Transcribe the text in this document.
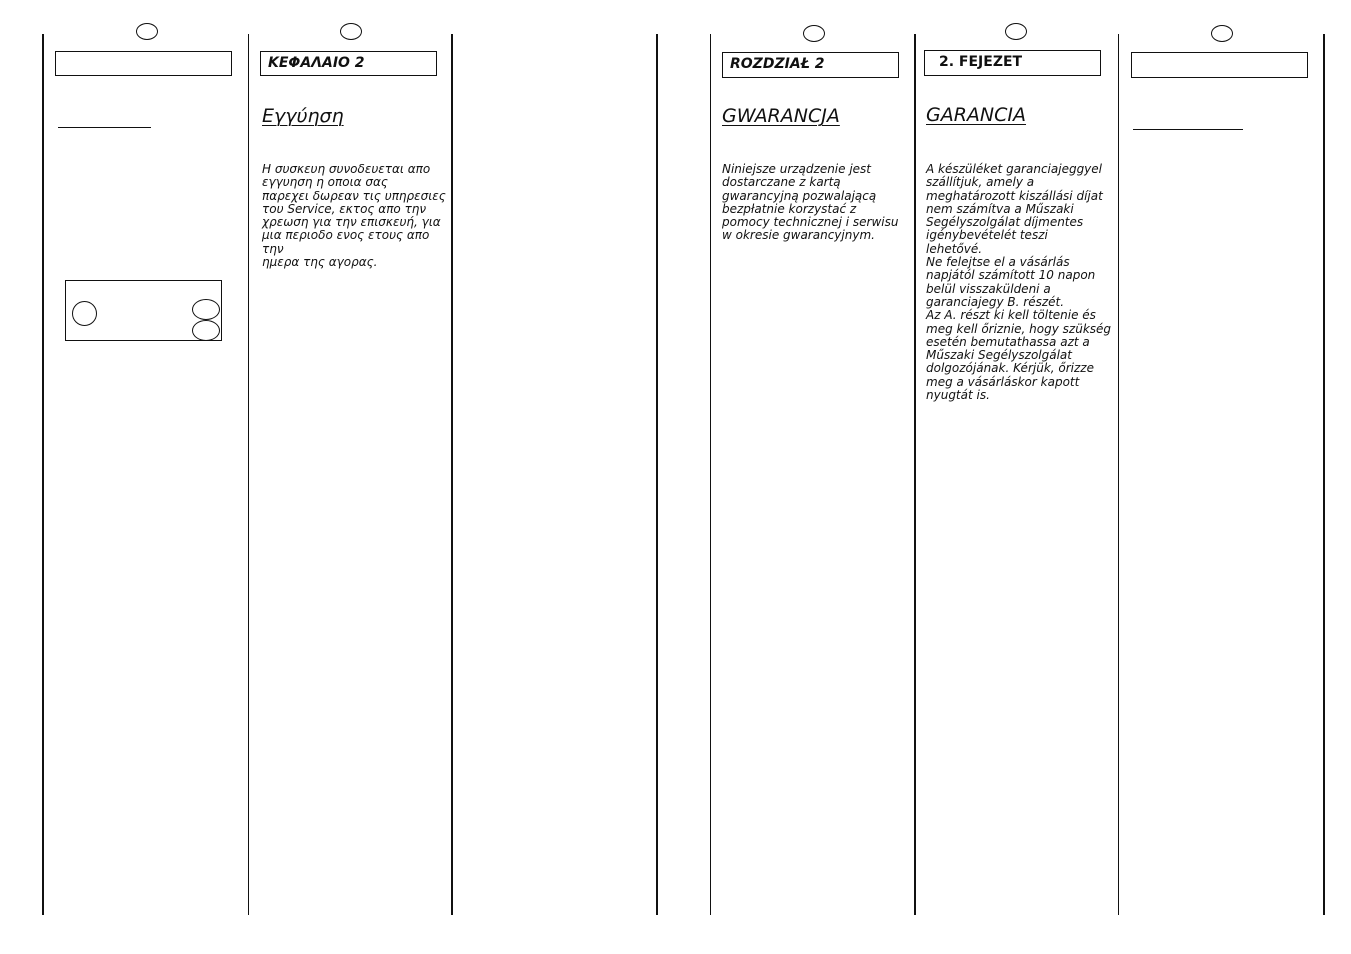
ΚΕΦΑΛΑΙΟ 2
Εγγύηση

Η συσκευη συνοδευεται απο
εγγυηση η οποια σας
παρεχει δωρεαν τις υπηρεσιες
του Service, εκτος απο την
χρεωση για την επισκευή, για
μια περιοδο ενος ετους απο την
ημερα της αγορας.

ROZDZIAŁ 2
GWARANCJA

Niniejsze urządzenie jest
dostarczane z kartą
gwarancyjną pozwalającą
bezpłatnie korzystać z
pomocy technicznej i serwisu
w okresie gwarancyjnym.

2. FEJEZET
GARANCIA

A készüléket garanciajeggyel
szállítjuk, amely a
meghatározott kiszállási díjat
nem számítva a Műszaki
Segélyszolgálat díjmentes
igénybevételét teszi
lehetővé.
Ne felejtse el a vásárlás
napjától számított 10 napon
belül visszaküldeni a
garanciajegy B. részét.
Az A. részt ki kell töltenie és
meg kell őriznie, hogy szükség
esetén bemutathassa azt a
Műszaki Segélyszolgálat
dolgozójának. Kérjük, őrizze
meg a vásárláskor kapott
nyugtát is.
